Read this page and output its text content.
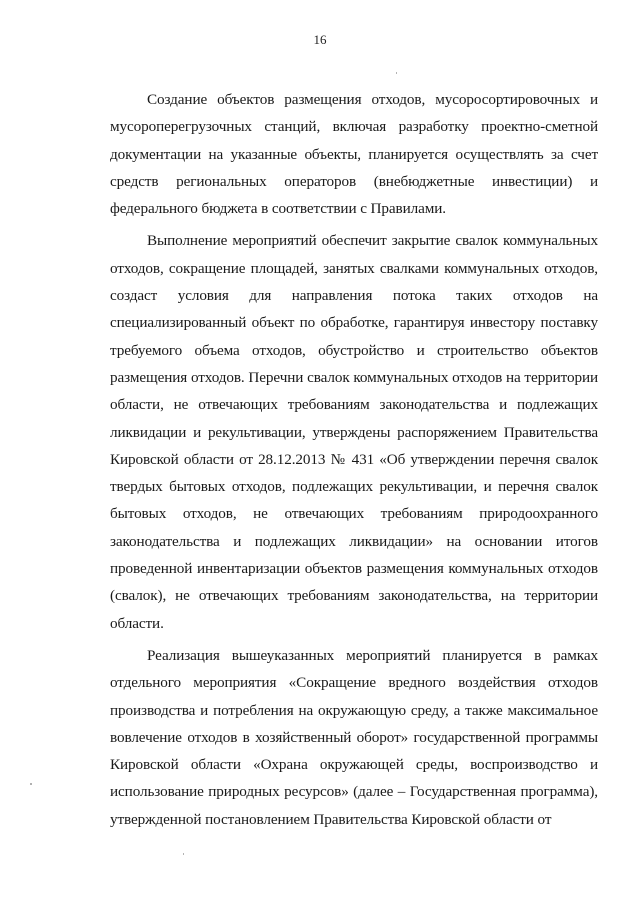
16

Создание объектов размещения отходов, мусоросортировочных и мусороперегрузочных станций, включая разработку проектно-сметной документации на указанные объекты, планируется осуществлять за счет средств региональных операторов (внебюджетные инвестиции) и федерального бюджета в соответствии с Правилами.

Выполнение мероприятий обеспечит закрытие свалок коммунальных отходов, сокращение площадей, занятых свалками коммунальных отходов, создаст условия для направления потока таких отходов на специализированный объект по обработке, гарантируя инвестору поставку требуемого объема отходов, обустройство и строительство объектов размещения отходов. Перечни свалок коммунальных отходов на территории области, не отвечающих требованиям законодательства и подлежащих ликвидации и рекультивации, утверждены распоряжением Правительства Кировской области от 28.12.2013 № 431 «Об утверждении перечня свалок твердых бытовых отходов, подлежащих рекультивации, и перечня свалок бытовых отходов, не отвечающих требованиям природоохранного законодательства и подлежащих ликвидации» на основании итогов проведенной инвентаризации объектов размещения коммунальных отходов (свалок), не отвечающих требованиям законодательства, на территории области.

Реализация вышеуказанных мероприятий планируется в рамках отдельного мероприятия «Сокращение вредного воздействия отходов производства и потребления на окружающую среду, а также максимальное вовлечение отходов в хозяйственный оборот» государственной программы Кировской области «Охрана окружающей среды, воспроизводство и использование природных ресурсов» (далее – Государственная программа), утвержденной постановлением Правительства Кировской области от
